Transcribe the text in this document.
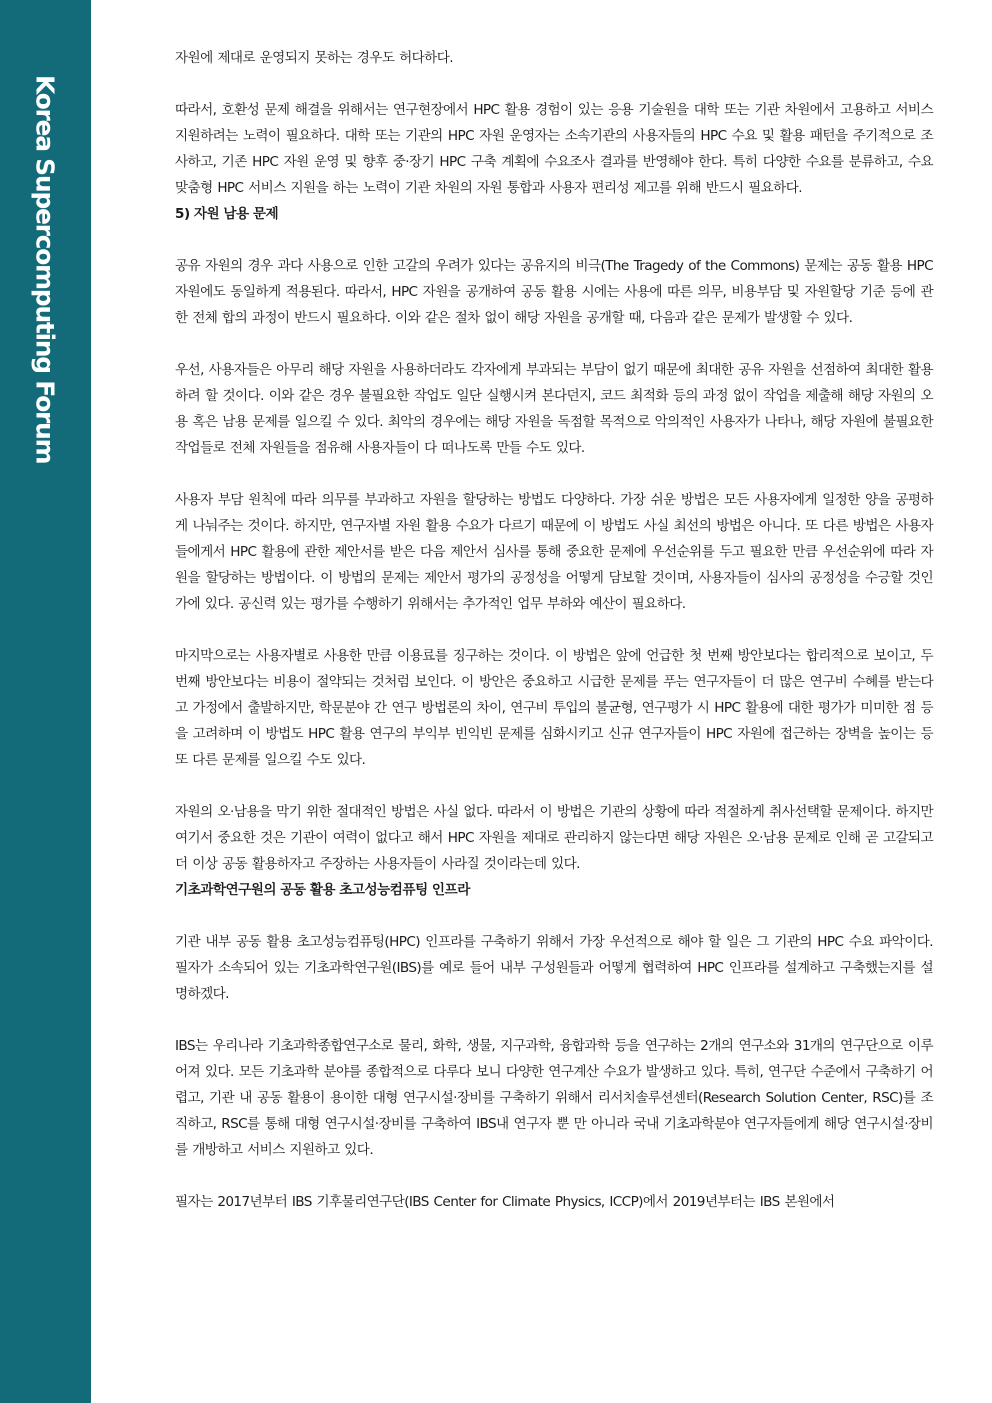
Korea Supercomputing Forum

자원에 제대로 운영되지 못하는 경우도 허다하다.

따라서, 호환성 문제 해결을 위해서는 연구현장에서 HPC 활용 경험이 있는 응용 기술원을 대학 또는 기관 차원에서 고용하고 서비스 지원하려는 노력이 필요하다. 대학 또는 기관의 HPC 자원 운영자는 소속기관의 사용자들의 HPC 수요 및 활용 패턴을 주기적으로 조사하고, 기존 HPC 자원 운영 및 향후 중·장기 HPC 구축 계획에 수요조사 결과를 반영해야 한다. 특히 다양한 수요를 분류하고, 수요 맞춤형 HPC 서비스 지원을 하는 노력이 기관 차원의 자원 통합과 사용자 편리성 제고를 위해 반드시 필요하다.

5) 자원 남용 문제

공유 자원의 경우 과다 사용으로 인한 고갈의 우려가 있다는 공유지의 비극(The Tragedy of the Commons) 문제는 공동 활용 HPC 자원에도 동일하게 적용된다. 따라서, HPC 자원을 공개하여 공동 활용 시에는 사용에 따른 의무, 비용부담 및 자원할당 기준 등에 관한 전체 합의 과정이 반드시 필요하다. 이와 같은 절차 없이 해당 자원을 공개할 때, 다음과 같은 문제가 발생할 수 있다.

우선, 사용자들은 아무리 해당 자원을 사용하더라도 각자에게 부과되는 부담이 없기 때문에 최대한 공유 자원을 선점하여 최대한 활용하려 할 것이다. 이와 같은 경우 불필요한 작업도 일단 실행시켜 본다던지, 코드 최적화 등의 과정 없이 작업을 제출해 해당 자원의 오용 혹은 남용 문제를 일으킬 수 있다. 최악의 경우에는 해당 자원을 독점할 목적으로 악의적인 사용자가 나타나, 해당 자원에 불필요한 작업들로 전체 자원들을 점유해 사용자들이 다 떠나도록 만들 수도 있다.

사용자 부담 원칙에 따라 의무를 부과하고 자원을 할당하는 방법도 다양하다. 가장 쉬운 방법은 모든 사용자에게 일정한 양을 공평하게 나눠주는 것이다. 하지만, 연구자별 자원 활용 수요가 다르기 때문에 이 방법도 사실 최선의 방법은 아니다. 또 다른 방법은 사용자들에게서 HPC 활용에 관한 제안서를 받은 다음 제안서 심사를 통해 중요한 문제에 우선순위를 두고 필요한 만큼 우선순위에 따라 자원을 할당하는 방법이다. 이 방법의 문제는 제안서 평가의 공정성을 어떻게 담보할 것이며, 사용자들이 심사의 공정성을 수긍할 것인가에 있다. 공신력 있는 평가를 수행하기 위해서는 추가적인 업무 부하와 예산이 필요하다.

마지막으로는 사용자별로 사용한 만큼 이용료를 징구하는 것이다. 이 방법은 앞에 언급한 첫 번째 방안보다는 합리적으로 보이고, 두 번째 방안보다는 비용이 절약되는 것처럼 보인다. 이 방안은 중요하고 시급한 문제를 푸는 연구자들이 더 많은 연구비 수혜를 받는다고 가정에서 출발하지만, 학문분야 간 연구 방법론의 차이, 연구비 투입의 불균형, 연구평가 시 HPC 활용에 대한 평가가 미미한 점 등을 고려하며 이 방법도 HPC 활용 연구의 부익부 빈익빈 문제를 심화시키고 신규 연구자들이 HPC 자원에 접근하는 장벽을 높이는 등 또 다른 문제를 일으킬 수도 있다.

자원의 오·남용을 막기 위한 절대적인 방법은 사실 없다. 따라서 이 방법은 기관의 상황에 따라 적절하게 취사선택할 문제이다. 하지만 여기서 중요한 것은 기관이 여력이 없다고 해서 HPC 자원을 제대로 관리하지 않는다면 해당 자원은 오·남용 문제로 인해 곧 고갈되고 더 이상 공동 활용하자고 주장하는 사용자들이 사라질 것이라는데 있다.

기초과학연구원의 공동 활용 초고성능컴퓨팅 인프라

기관 내부 공동 활용 초고성능컴퓨팅(HPC) 인프라를 구축하기 위해서 가장 우선적으로 해야 할 일은 그 기관의 HPC 수요 파악이다. 필자가 소속되어 있는 기초과학연구원(IBS)를 예로 들어 내부 구성원들과 어떻게 협력하여 HPC 인프라를 설계하고 구축했는지를 설명하겠다.

IBS는 우리나라 기초과학종합연구소로 물리, 화학, 생물, 지구과학, 융합과학 등을 연구하는 2개의 연구소와 31개의 연구단으로 이루어져 있다. 모든 기초과학 분야를 종합적으로 다루다 보니 다양한 연구계산 수요가 발생하고 있다. 특히, 연구단 수준에서 구축하기 어렵고, 기관 내 공동 활용이 용이한 대형 연구시설·장비를 구축하기 위해서 리서치솔루션센터(Research Solution Center, RSC)를 조직하고, RSC를 통해 대형 연구시설·장비를 구축하여 IBS내 연구자 뿐 만 아니라 국내 기초과학분야 연구자들에게 해당 연구시설·장비를 개방하고 서비스 지원하고 있다.

필자는 2017년부터 IBS 기후물리연구단(IBS Center for Climate Physics, ICCP)에서 2019년부터는 IBS 본원에서
